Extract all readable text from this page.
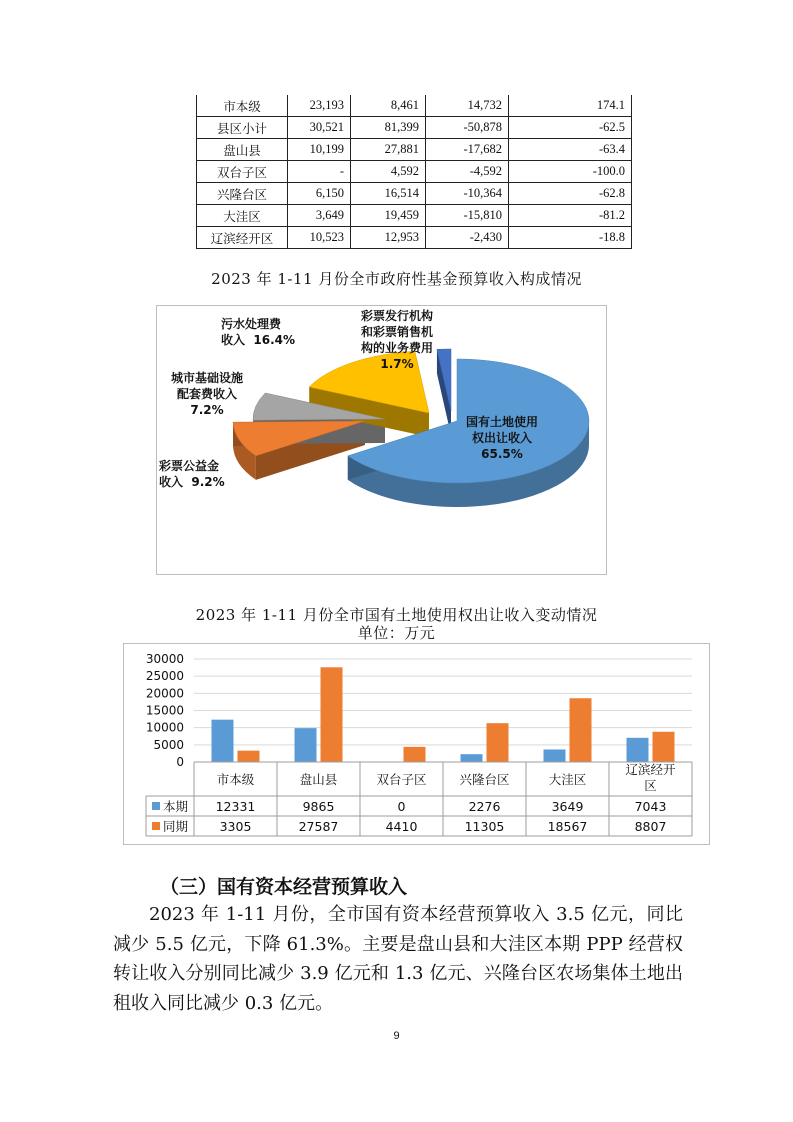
市本级	23,193	8,461	14,732	174.1
县区小计	30,521	81,399	-50,878	-62.5
盘山县	10,199	27,881	-17,682	-63.4
双台子区	-	4,592	-4,592	-100.0
兴隆台区	6,150	16,514	-10,364	-62.8
大洼区	3,649	19,459	-15,810	-81.2
辽滨经开区	10,523	12,953	-2,430	-18.8
2023 年 1-11 月份全市政府性基金预算收入构成情况
国有土地使用
权出让收入
65.5%
彩票公益金
收入 9.2%
城市基础设施
配套费收入
7.2%
污水处理费
收入 16.4%
彩票发行机构
和彩票销售机
构的业务费用
1.7%
2023 年 1-11 月份全市国有土地使用权出让收入变动情况
单位：万元
0
5000
10000
15000
20000
25000
30000
市本级	盘山县	双台子区	兴隆台区	大洼区
辽滨经开
区
本期 12331	9865	0	2276	3649	7043
同期	3305	27587	4410	11305	18567	8807
（三）国有资本经营预算收入
2023 年 1-11 月份，全市国有资本经营预算收入 3.5 亿元，同比减少 5.5 亿元，下降 61.3%。主要是盘山县和大洼区本期 PPP 经营权转让收入分别同比减少 3.9 亿元和 1.3 亿元、兴隆台区农场集体土地出租收入同比减少 0.3 亿元。
9
